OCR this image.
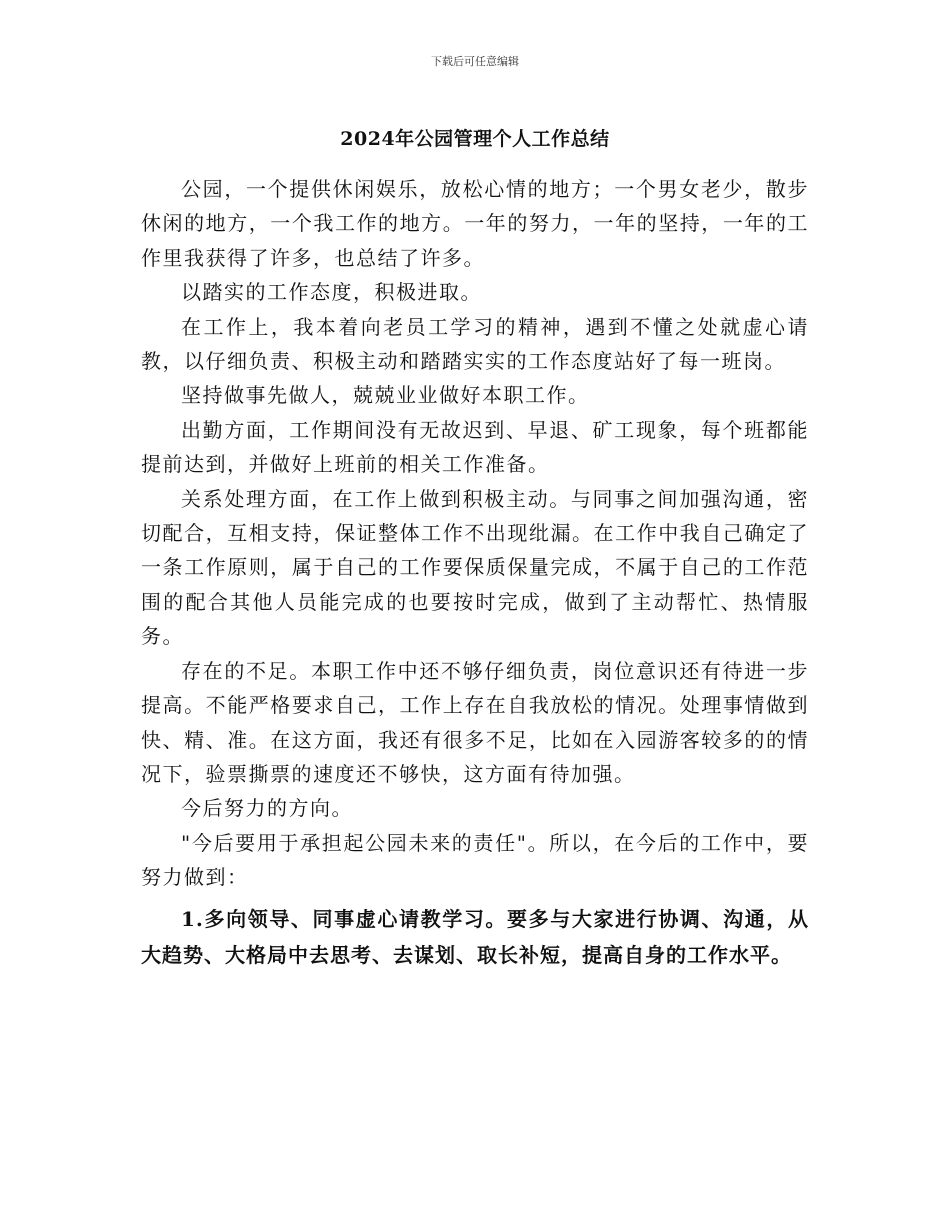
下载后可任意编辑
2024年公园管理个人工作总结

公园，一个提供休闲娱乐，放松心情的地方；一个男女老少，散步休闲的地方，一个我工作的地方。一年的努力，一年的坚持，一年的工作里我获得了许多，也总结了许多。

以踏实的工作态度，积极进取。

在工作上，我本着向老员工学习的精神，遇到不懂之处就虚心请教，以仔细负责、积极主动和踏踏实实的工作态度站好了每一班岗。

坚持做事先做人，兢兢业业做好本职工作。

出勤方面，工作期间没有无故迟到、早退、矿工现象，每个班都能提前达到，并做好上班前的相关工作准备。

关系处理方面，在工作上做到积极主动。与同事之间加强沟通，密切配合，互相支持，保证整体工作不出现纰漏。在工作中我自己确定了一条工作原则，属于自己的工作要保质保量完成，不属于自己的工作范围的配合其他人员能完成的也要按时完成，做到了主动帮忙、热情服务。

存在的不足。本职工作中还不够仔细负责，岗位意识还有待进一步提高。不能严格要求自己，工作上存在自我放松的情况。处理事情做到快、精、准。在这方面，我还有很多不足，比如在入园游客较多的的情况下，验票撕票的速度还不够快，这方面有待加强。

今后努力的方向。

"今后要用于承担起公园未来的责任"。所以，在今后的工作中，要努力做到：

1.多向领导、同事虚心请教学习。要多与大家进行协调、沟通，从大趋势、大格局中去思考、去谋划、取长补短，提高自身的工作水平。
